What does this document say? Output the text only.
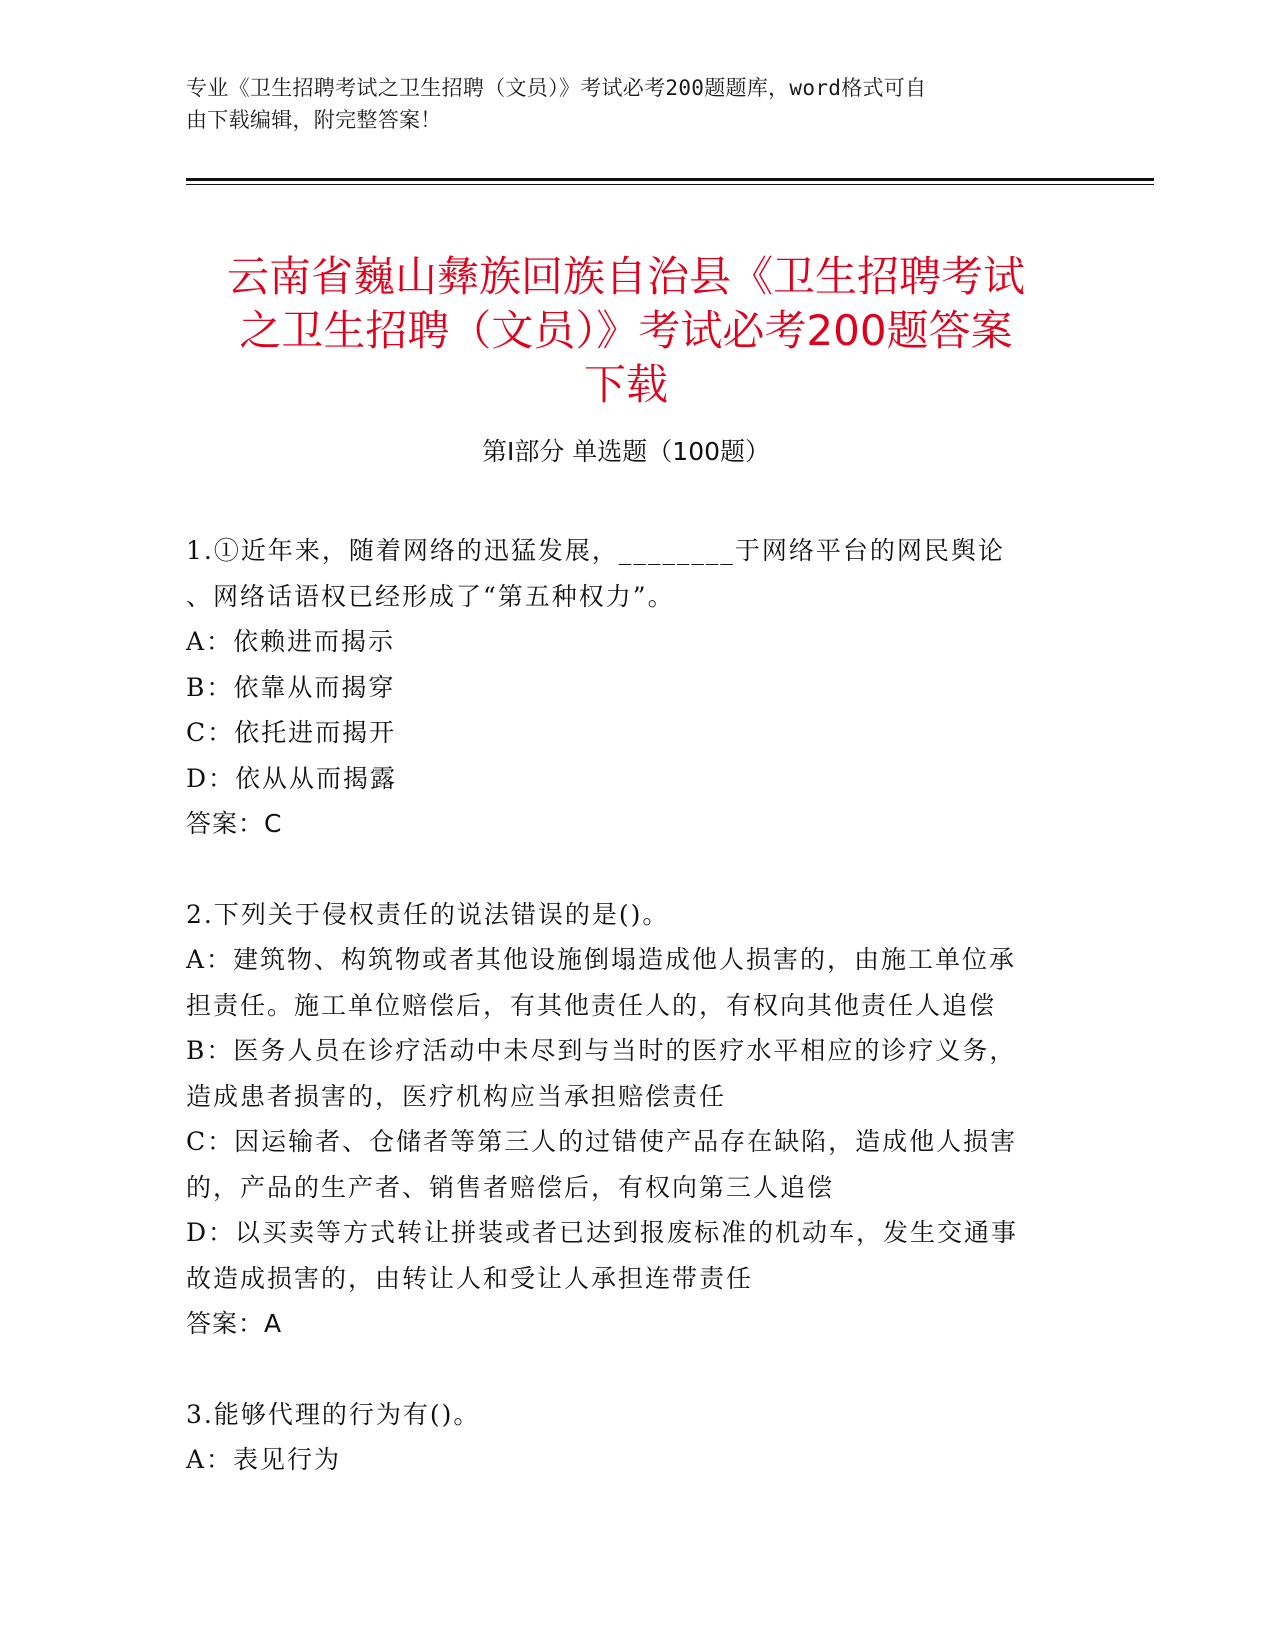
专业《卫生招聘考试之卫生招聘（文员）》考试必考200题题库，word格式可自
由下载编辑，附完整答案！
云南省巍山彝族回族自治县《卫生招聘考试
之卫生招聘（文员）》考试必考200题答案
下载
第Ⅰ部分 单选题（100题）
1.①近年来，随着网络的迅猛发展，________于网络平台的网民舆论
、网络话语权已经形成了“第五种权力”。
A：依赖进而揭示
B：依靠从而揭穿
C：依托进而揭开
D：依从从而揭露
答案：C
2.下列关于侵权责任的说法错误的是()。
A：建筑物、构筑物或者其他设施倒塌造成他人损害的，由施工单位承
担责任。施工单位赔偿后，有其他责任人的，有权向其他责任人追偿
B：医务人员在诊疗活动中未尽到与当时的医疗水平相应的诊疗义务，
造成患者损害的，医疗机构应当承担赔偿责任
C：因运输者、仓储者等第三人的过错使产品存在缺陷，造成他人损害
的，产品的生产者、销售者赔偿后，有权向第三人追偿
D：以买卖等方式转让拼装或者已达到报废标准的机动车，发生交通事
故造成损害的，由转让人和受让人承担连带责任
答案：A
3.能够代理的行为有()。
A：表见行为
